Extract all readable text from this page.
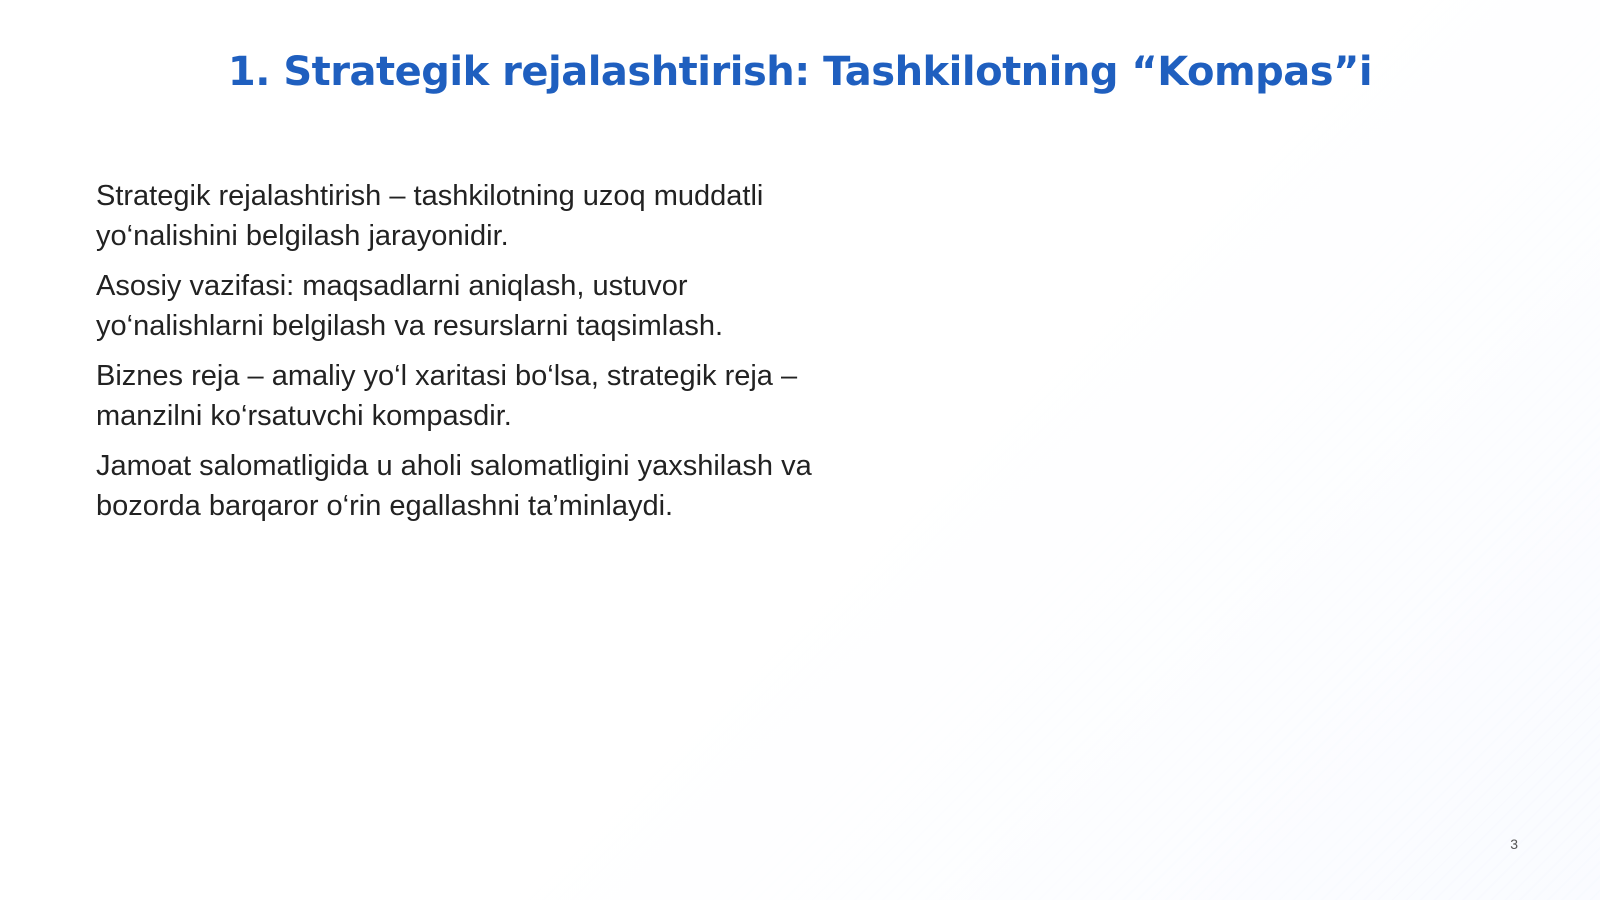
1. Strategik rejalashtirish: Tashkilotning “Kompas”i

Strategik rejalashtirish – tashkilotning uzoq muddatli yo‘nalishini belgilash jarayonidir.

Asosiy vazifasi: maqsadlarni aniqlash, ustuvor yo‘nalishlarni belgilash va resurslarni taqsimlash.

Biznes reja – amaliy yo‘l xaritasi bo‘lsa, strategik reja – manzilni ko‘rsatuvchi kompasdir.

Jamoat salomatligida u aholi salomatligini yaxshilash va bozorda barqaror o‘rin egallashni ta’minlaydi.

3
